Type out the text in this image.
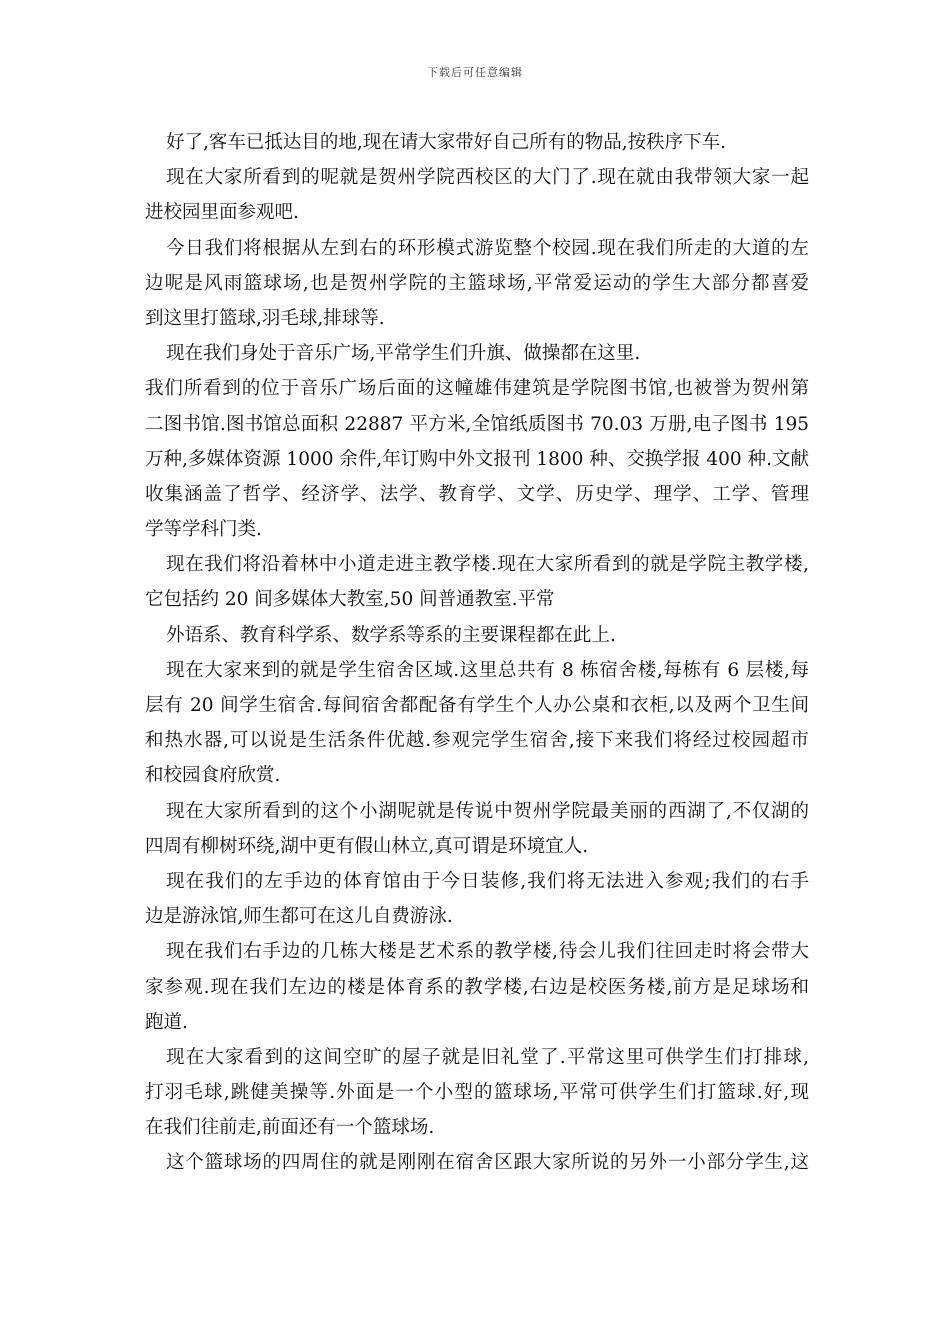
下载后可任意编辑
好了,客车已抵达目的地,现在请大家带好自己所有的物品,按秩序下车.
现在大家所看到的呢就是贺州学院西校区的大门了.现在就由我带领大家一起
进校园里面参观吧.
今日我们将根据从左到右的环形模式游览整个校园.现在我们所走的大道的左
边呢是风雨篮球场,也是贺州学院的主篮球场,平常爱运动的学生大部分都喜爱
到这里打篮球,羽毛球,排球等.
现在我们身处于音乐广场,平常学生们升旗、做操都在这里.
我们所看到的位于音乐广场后面的这幢雄伟建筑是学院图书馆,也被誉为贺州第
二图书馆.图书馆总面积 22887 平方米,全馆纸质图书 70.03 万册,电子图书 195
万种,多媒体资源 1000 余件,年订购中外文报刊 1800 种、交换学报 400 种.文献
收集涵盖了哲学、经济学、法学、教育学、文学、历史学、理学、工学、管理
学等学科门类.
现在我们将沿着林中小道走进主教学楼.现在大家所看到的就是学院主教学楼,
它包括约 20 间多媒体大教室,50 间普通教室.平常
外语系、教育科学系、数学系等系的主要课程都在此上.
现在大家来到的就是学生宿舍区域.这里总共有 8 栋宿舍楼,每栋有 6 层楼,每
层有 20 间学生宿舍.每间宿舍都配备有学生个人办公桌和衣柜,以及两个卫生间
和热水器,可以说是生活条件优越.参观完学生宿舍,接下来我们将经过校园超市
和校园食府欣赏.
现在大家所看到的这个小湖呢就是传说中贺州学院最美丽的西湖了,不仅湖的
四周有柳树环绕,湖中更有假山林立,真可谓是环境宜人.
现在我们的左手边的体育馆由于今日装修,我们将无法进入参观;我们的右手
边是游泳馆,师生都可在这儿自费游泳.
现在我们右手边的几栋大楼是艺术系的教学楼,待会儿我们往回走时将会带大
家参观.现在我们左边的楼是体育系的教学楼,右边是校医务楼,前方是足球场和
跑道.
现在大家看到的这间空旷的屋子就是旧礼堂了.平常这里可供学生们打排球,
打羽毛球,跳健美操等.外面是一个小型的篮球场,平常可供学生们打篮球.好,现
在我们往前走,前面还有一个篮球场.
这个篮球场的四周住的就是刚刚在宿舍区跟大家所说的另外一小部分学生,这
